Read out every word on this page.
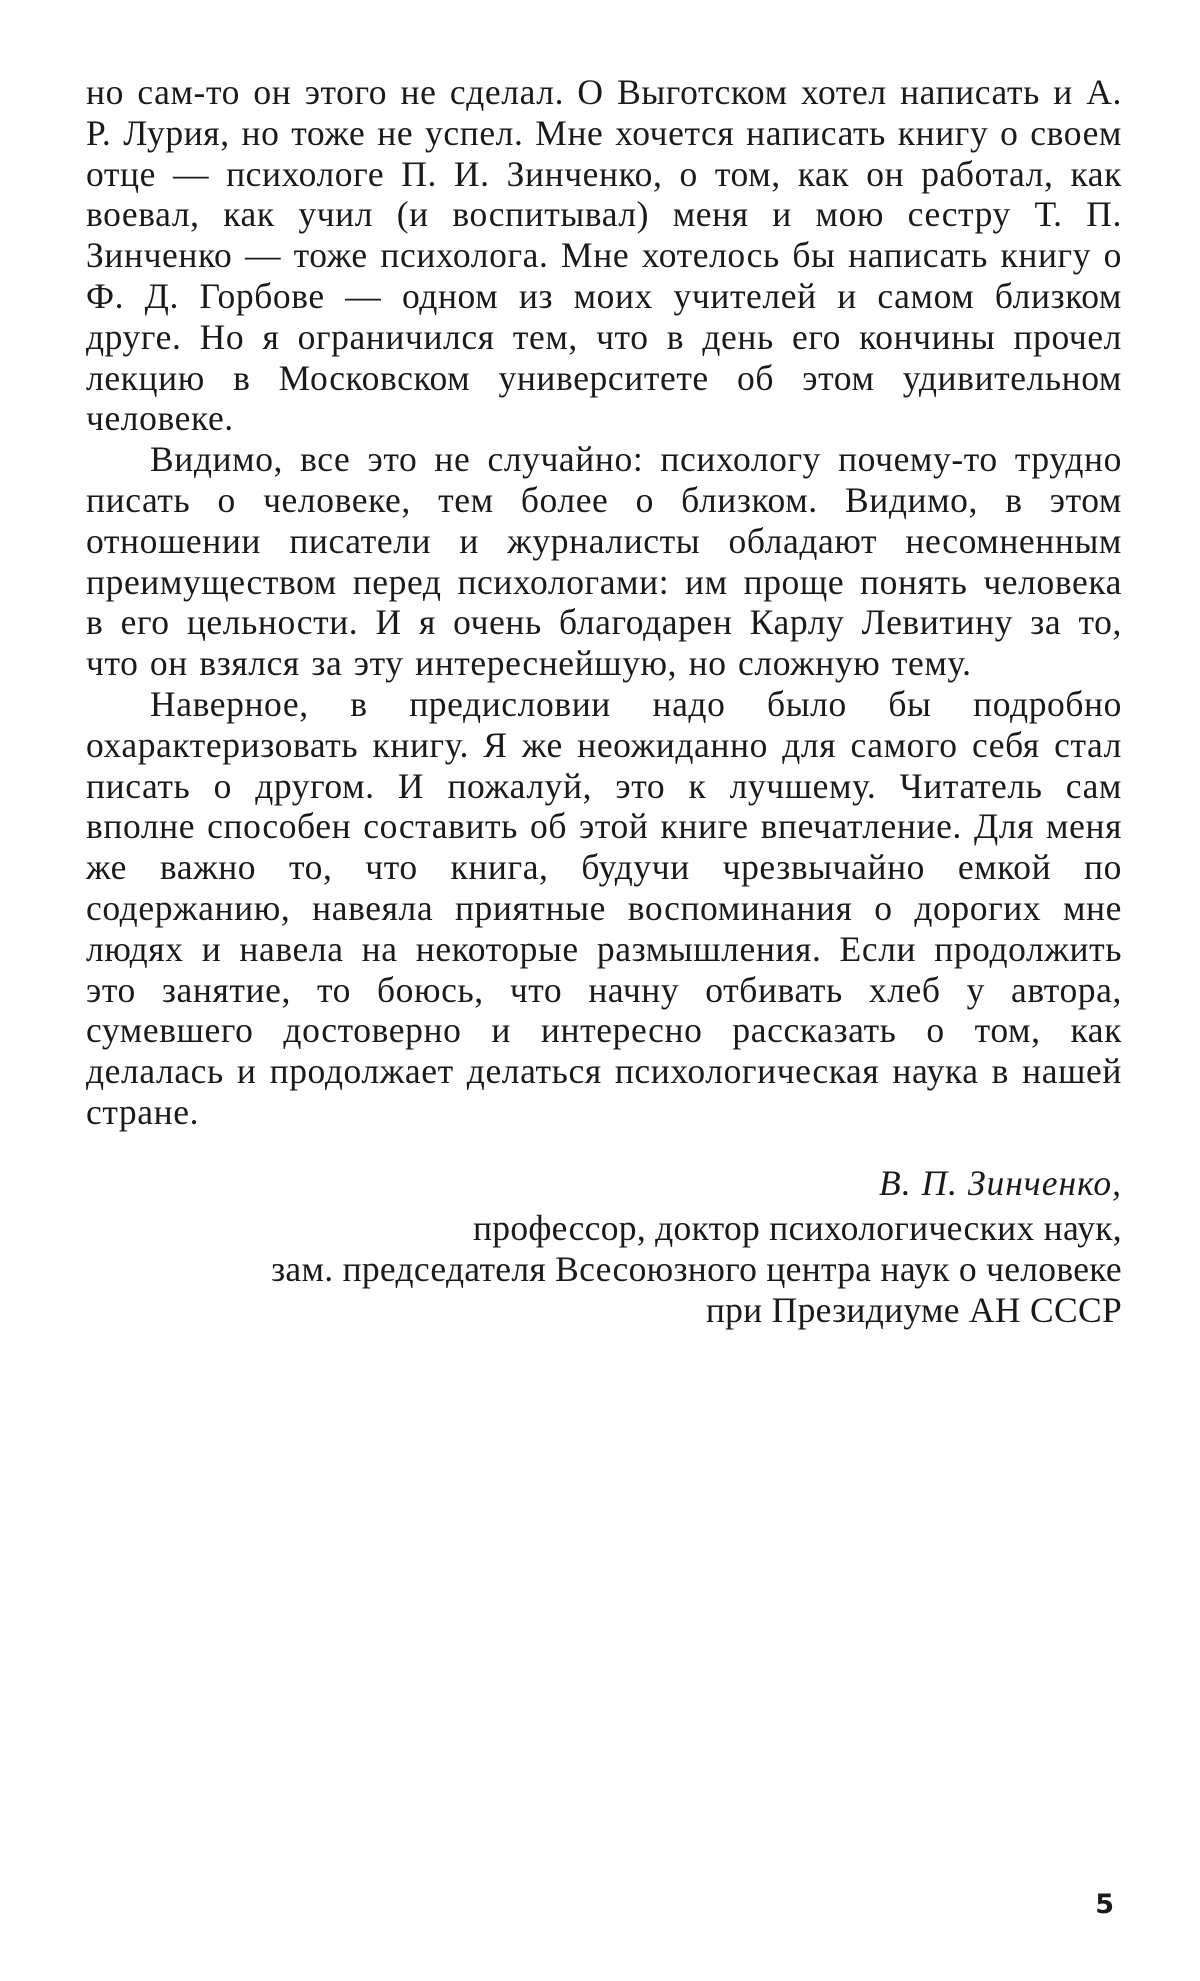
но сам-то он этого не сделал. О Выготском хотел написать и А. Р. Лурия, но тоже не успел. Мне хочется написать книгу о своем отце — психологе П. И. Зинченко, о том, как он работал, как воевал, как учил (и воспитывал) меня и мою сестру Т. П. Зинченко — тоже психолога. Мне хотелось бы написать книгу о Ф. Д. Горбове — одном из моих учителей и самом близком друге. Но я ограничился тем, что в день его кончины прочел лекцию в Московском университете об этом удивительном человеке.

Видимо, все это не случайно: психологу почему-то трудно писать о человеке, тем более о близком. Видимо, в этом отношении писатели и журналисты обладают несомненным преимуществом перед психологами: им проще понять человека в его цельности. И я очень благодарен Карлу Левитину за то, что он взялся за эту интереснейшую, но сложную тему.

Наверное, в предисловии надо было бы подробно охарактеризовать книгу. Я же неожиданно для самого себя стал писать о другом. И пожалуй, это к лучшему. Читатель сам вполне способен составить об этой книге впечатление. Для меня же важно то, что книга, будучи чрезвычайно емкой по содержанию, навеяла приятные воспоминания о дорогих мне людях и навела на некоторые размышления. Если продолжить это занятие, то боюсь, что начну отбивать хлеб у автора, сумевшего достоверно и интересно рассказать о том, как делалась и продолжает делаться психологическая наука в нашей стране.

В. П. Зинченко,
профессор, доктор психологических наук,
зам. председателя Всесоюзного центра наук о человеке
при Президиуме АН СССР
5
